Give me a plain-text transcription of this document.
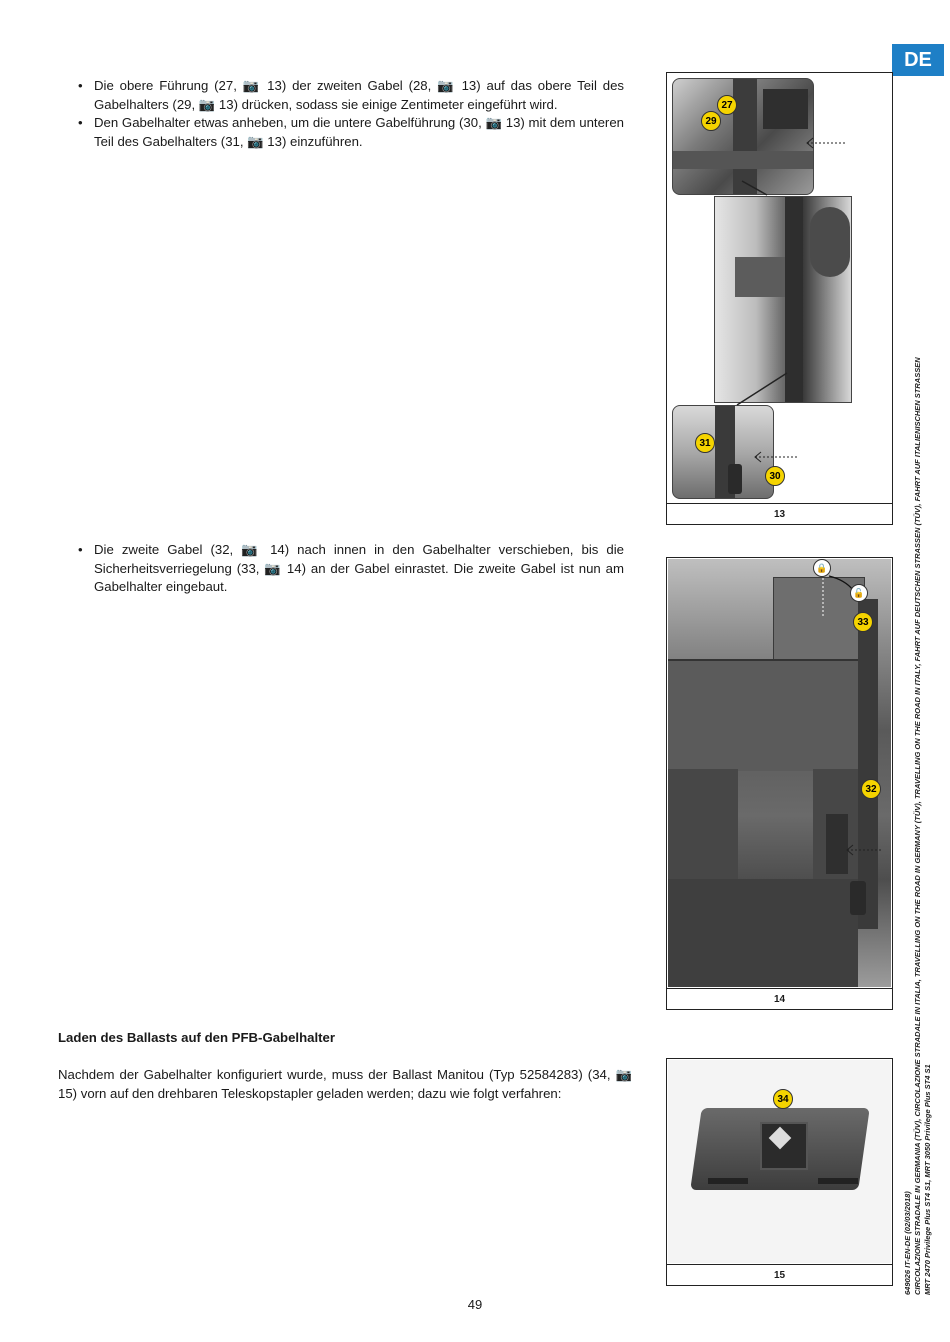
DE
• Die obere Führung (27, 📷 13) der zweiten Gabel (28, 📷 13) auf das obere Teil des Gabelhalters (29, 📷 13) drücken, sodass sie einige Zentimeter eingeführt wird.
• Den Gabelhalter etwas anheben, um die untere Gabelführung (30, 📷 13) mit dem unteren Teil des Gabelhalters (31, 📷 13) einzuführen.
• Die zweite Gabel (32, 📷 14) nach innen in den Gabelhalter verschieben, bis die Sicherheitsverriegelung (33, 📷 14) an der Gabel einrastet. Die zweite Gabel ist nun am Gabelhalter eingebaut.
Laden des Ballasts auf den PFB-Gabelhalter
Nachdem der Gabelhalter konfiguriert wurde, muss der Ballast Manitou (Typ 52584283) (34, 📷 15) vorn auf den drehbaren Teleskopstapler geladen werden; dazu wie folgt verfahren:
27
29
31
30
13
🔒
🔓
33
32
14
34
15
49
649026 IT-EN-DE (02/03/2018) CIRCOLAZIONE STRADALE IN GERMANIA (TÜV), CIRCOLAZIONE STRADALE IN ITALIA, TRAVELLING ON THE ROAD IN GERMANY (TÜV), TRAVELLING ON THE ROAD IN ITALY, FAHRT AUF DEUTSCHEN STRASSEN (TÜV), FAHRT AUF ITALIENISCHEN STRASSEN MRT 2470 Privilege Plus ST4 S1, MRT 3050 Privilege Plus ST4 S1
